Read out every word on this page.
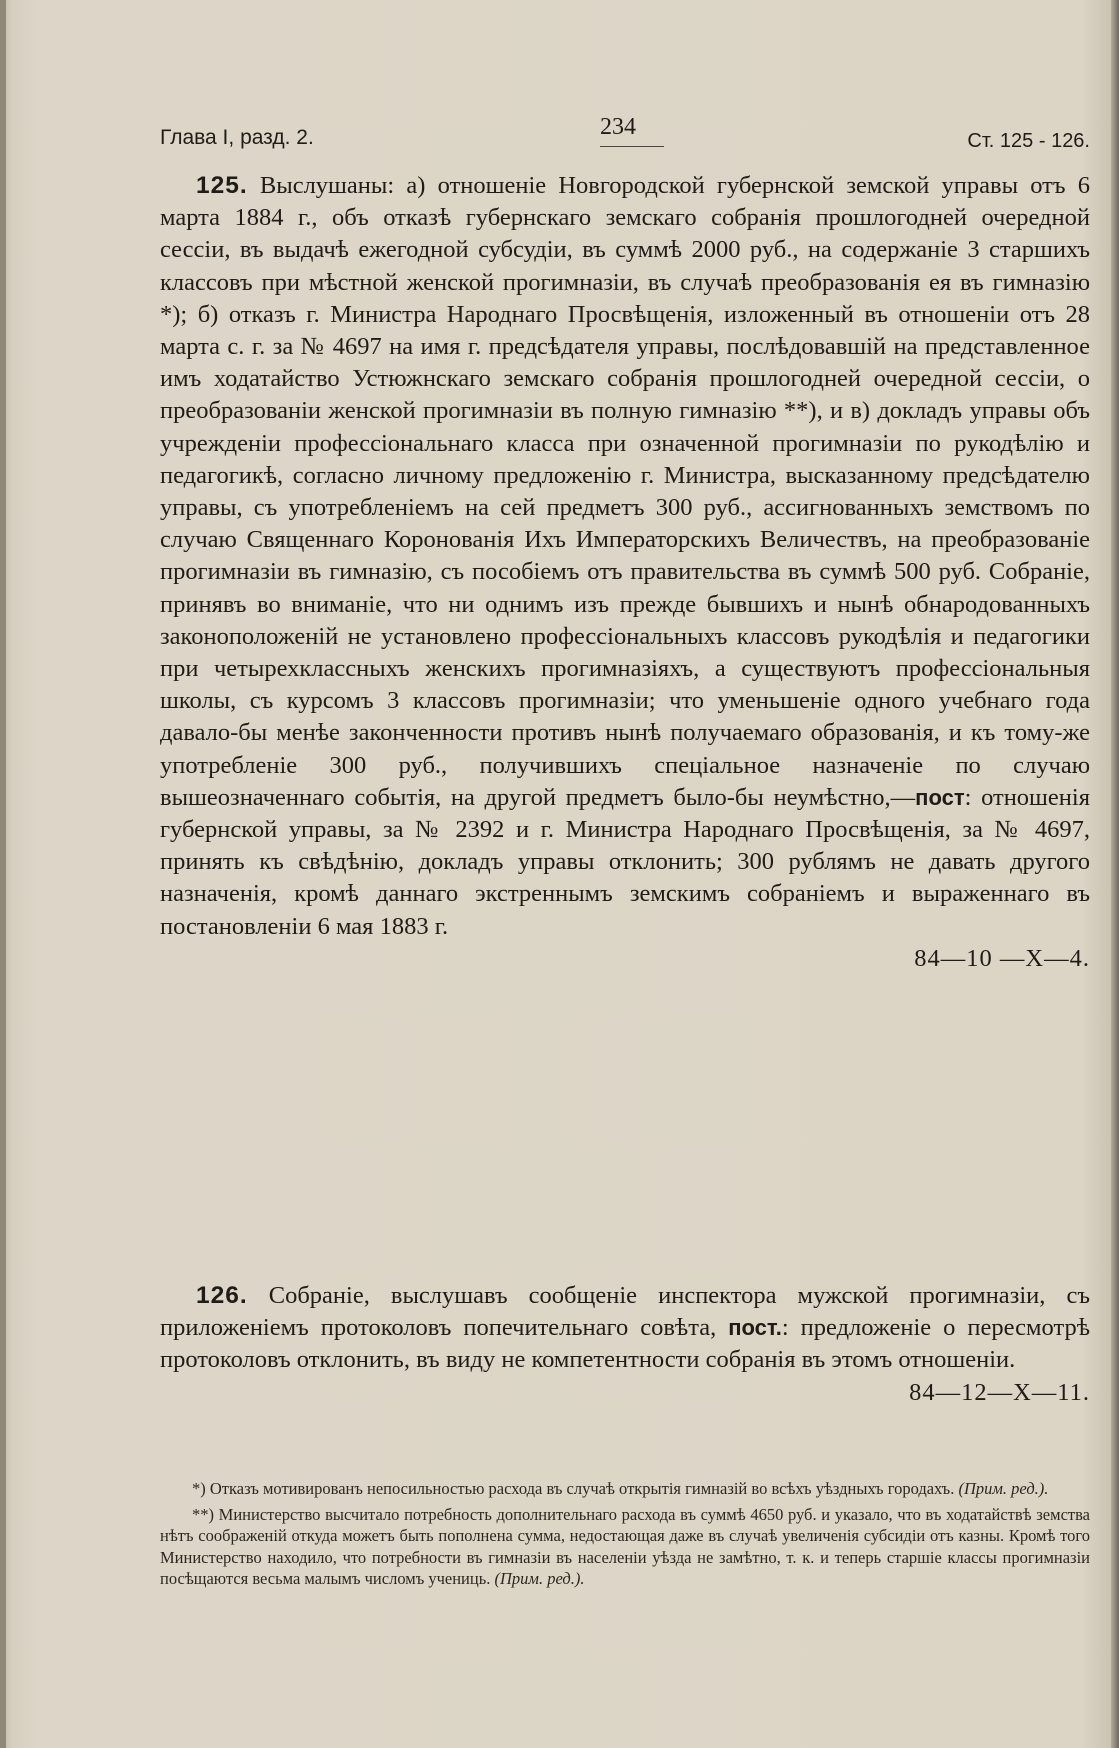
Глава I, разд. 2.	234
Ст. 125 - 126.

125. Выслушаны: а) отношеніе Новгородской губернской земской управы отъ 6 марта 1884 г., объ отказѣ губернскаго земскаго собранія прошлогодней очередной сессіи, въ выдачѣ ежегодной субсудіи, въ суммѣ 2000 руб., на содержаніе 3 старшихъ классовъ при мѣстной женской прогимназіи, въ случаѣ преобразованія ея въ гимназію *); б) отказъ г. Министра Народнаго Просвѣщенія, изложенный въ отношеніи отъ 28 марта с. г. за № 4697 на имя г. предсѣдателя управы, послѣдовавшій на представленное имъ ходатайство Устюжнскаго земскаго собранія прошлогодней очередной сессіи, о преобразованіи женской прогимназіи въ полную гимназію **), и в) докладъ управы объ учрежденіи профессіональнаго класса при означенной прогимназіи по рукодѣлію и педагогикѣ, согласно личному предложенію г. Министра, высказанному предсѣдателю управы, съ употребленіемъ на сей предметъ 300 руб., ассигнованныхъ земствомъ по случаю Священнаго Коронованія Ихъ Императорскихъ Величествъ, на преобразованіе прогимназіи въ гимназію, съ пособіемъ отъ правительства въ суммѣ 500 руб. Собраніе, принявъ во вниманіе, что ни однимъ изъ прежде бывшихъ и нынѣ обнародованныхъ законоположеній не установлено профессіональныхъ классовъ рукодѣлія и педагогики при четырехклассныхъ женскихъ прогимназіяхъ, а существуютъ профессіональныя школы, съ курсомъ 3 классовъ прогимназіи; что уменьшеніе одного учебнаго года давало-бы менѣе законченности противъ нынѣ получаемаго образованія, и къ тому-же употребленіе 300 руб., получившихъ спеціальное назначеніе по случаю вышеозначеннаго событія, на другой предметъ было-бы неумѣстно,—пост: отношенія губернской управы, за № 2392 и г. Министра Народнаго Просвѣщенія, за № 4697, принять къ свѣдѣнію, докладъ управы отклонить; 300 рублямъ не давать другого назначенія, кромѣ даннаго экстреннымъ земскимъ собраніемъ и выраженнаго въ постановленіи 6 мая 1883 г.
84—10 —X—4.

126. Собраніе, выслушавъ сообщеніе инспектора мужской прогимназіи, съ приложеніемъ протоколовъ попечительнаго совѣта, пост.: предложеніе о пересмотрѣ протоколовъ отклонить, въ виду не компетентности собранія въ этомъ отношеніи.
84—12—X—11.

*) Отказъ мотивированъ непосильностью расхода въ случаѣ открытія гимназій во всѣхъ уѣздныхъ городахъ. (Прим. ред.).

**) Министерство высчитало потребность дополнительнаго расхода въ суммѣ 4650 руб. и указало, что въ ходатайствѣ земства нѣтъ соображеній откуда можетъ быть пополнена сумма, недостающая даже въ случаѣ увеличенія субсидіи отъ казны. Кромѣ того Министерство находило, что потребности въ гимназіи въ населеніи уѣзда не замѣтно, т. к. и теперь старшіе классы прогимназіи посѣщаются весьма малымъ числомъ учениць. (Прим. ред.).
